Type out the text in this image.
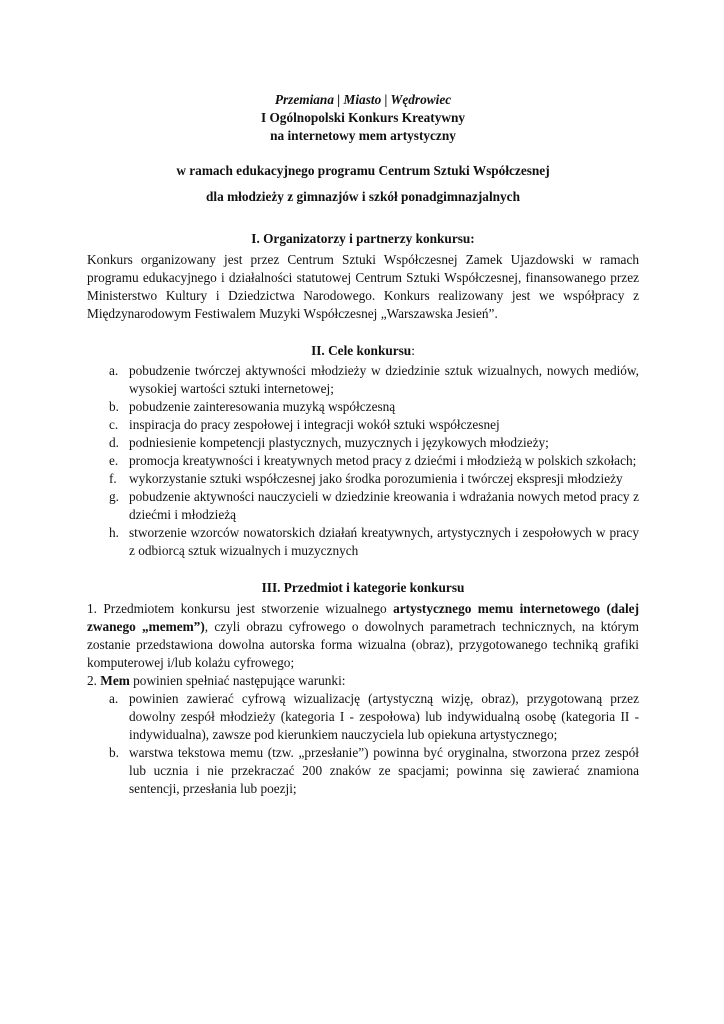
Przemiana | Miasto | Wędrowiec
I Ogólnopolski Konkurs Kreatywny
na internetowy mem artystyczny
w ramach edukacyjnego programu Centrum Sztuki Współczesnej
dla młodzieży z gimnazjów i szkół ponadgimnazjalnych
I. Organizatorzy i partnerzy konkursu:

Konkurs organizowany jest przez Centrum Sztuki Współczesnej Zamek Ujazdowski w ramach programu edukacyjnego i działalności statutowej Centrum Sztuki Współczesnej, finansowanego przez Ministerstwo Kultury i Dziedzictwa Narodowego. Konkurs realizowany jest we współpracy z Międzynarodowym Festiwalem Muzyki Współczesnej „Warszawska Jesień”.

II. Cele konkursu:
a. pobudzenie twórczej aktywności młodzieży w dziedzinie sztuk wizualnych, nowych mediów, wysokiej wartości sztuki internetowej;
b. pobudzenie zainteresowania muzyką współczesną
c. inspiracja do pracy zespołowej i integracji wokół sztuki współczesnej
d. podniesienie kompetencji plastycznych, muzycznych i językowych młodzieży;
e. promocja kreatywności i kreatywnych metod pracy z dziećmi i młodzieżą w polskich szkołach;
f. wykorzystanie sztuki współczesnej jako środka porozumienia i twórczej ekspresji młodzieży
g. pobudzenie aktywności nauczycieli w dziedzinie kreowania i wdrażania nowych metod pracy z dziećmi i młodzieżą
h. stworzenie wzorców nowatorskich działań kreatywnych, artystycznych i zespołowych w pracy z odbiorcą sztuk wizualnych i muzycznych
III. Przedmiot i kategorie konkursu

1. Przedmiotem konkursu jest stworzenie wizualnego artystycznego memu internetowego (dalej zwanego „memem”), czyli obrazu cyfrowego o dowolnych parametrach technicznych, na którym zostanie przedstawiona dowolna autorska forma wizualna (obraz), przygotowanego techniką grafiki komputerowej i/lub kolażu cyfrowego;

2. Mem powinien spełniać następujące warunki:

a. powinien zawierać cyfrową wizualizację (artystyczną wizję, obraz), przygotowaną przez dowolny zespół młodzieży (kategoria I - zespołowa) lub indywidualną osobę (kategoria II - indywidualna), zawsze pod kierunkiem nauczyciela lub opiekuna artystycznego;
b. warstwa tekstowa memu (tzw. „przesłanie”) powinna być oryginalna, stworzona przez zespół lub ucznia i nie przekraczać 200 znaków ze spacjami; powinna się zawierać znamiona sentencji, przesłania lub poezji;
